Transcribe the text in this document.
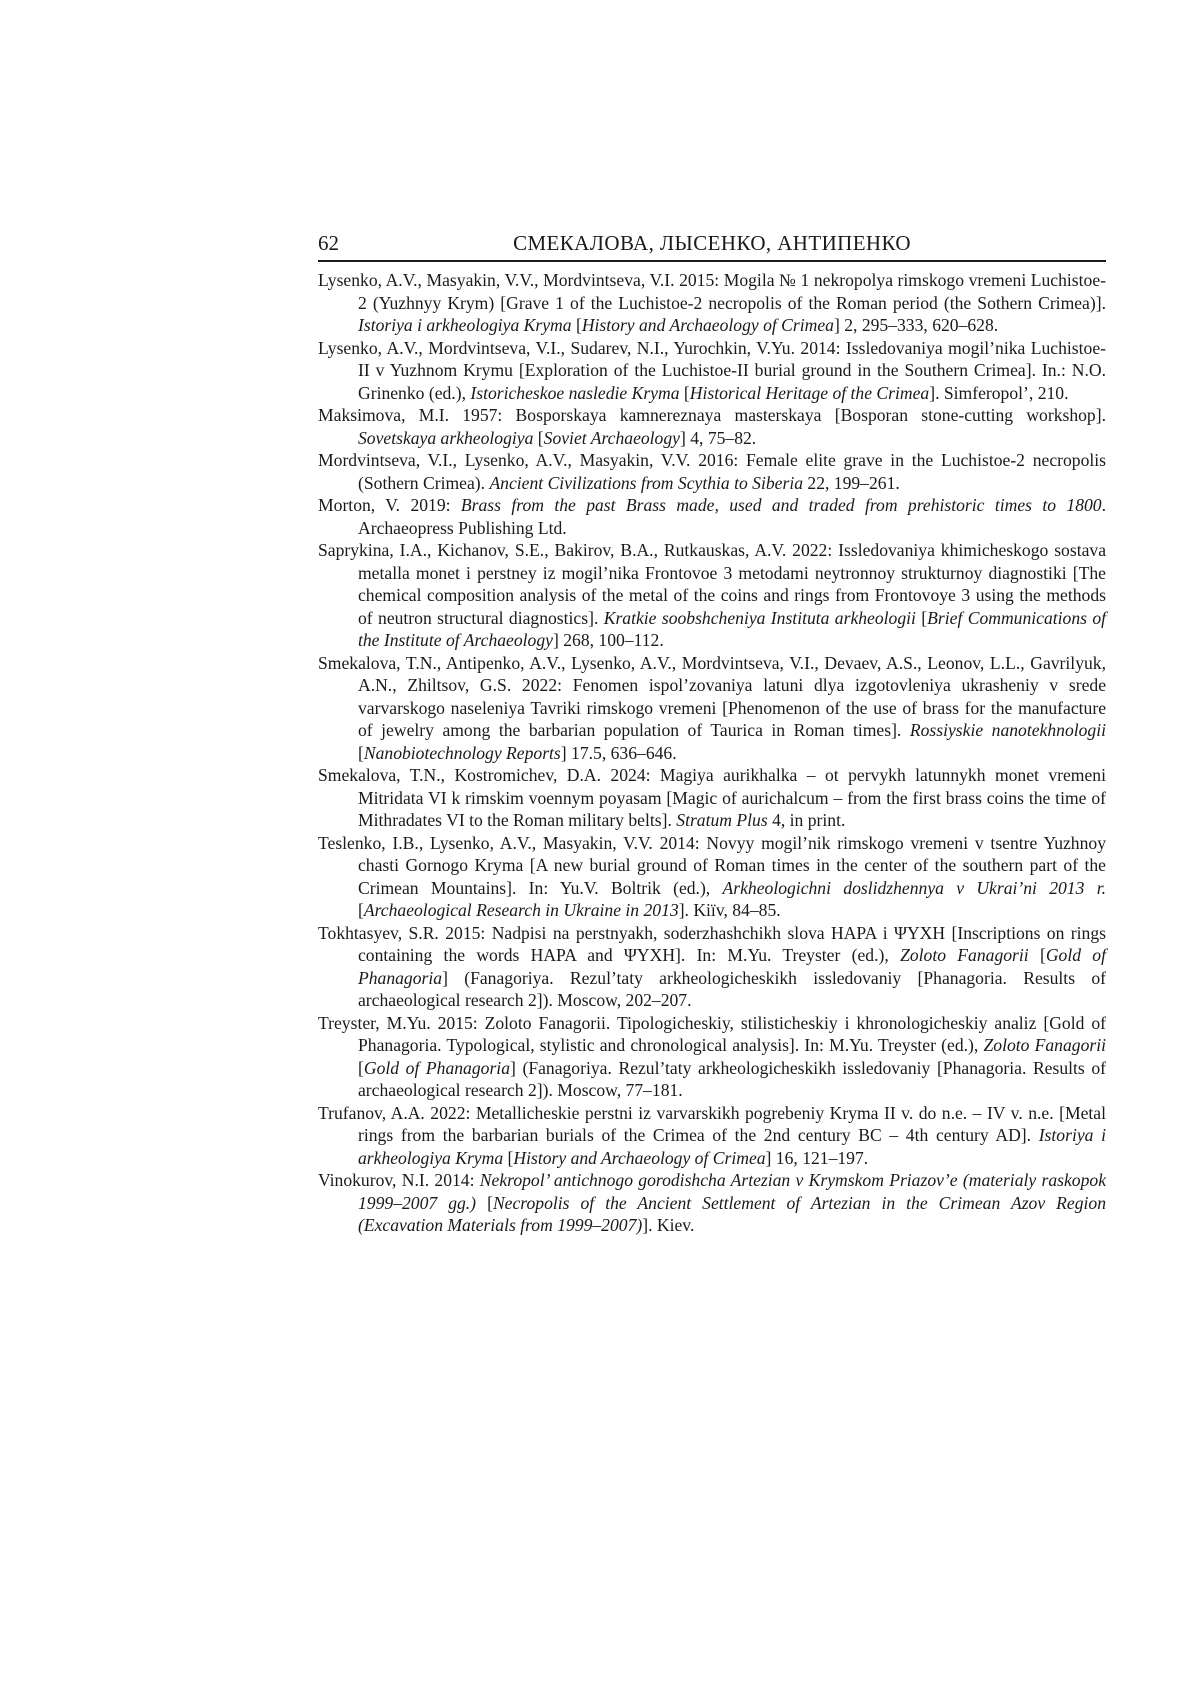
62	СМЕКАЛОВА, ЛЫСЕНКО, АНТИПЕНКО

Lysenko, A.V., Masyakin, V.V., Mordvintseva, V.I. 2015: Mogila № 1 nekropolya rimskogo vremeni Luchistoe-2 (Yuzhnyy Krym) [Grave 1 of the Luchistoe-2 necropolis of the Roman period (the Sothern Crimea)]. Istoriya i arkheologiya Kryma [History and Archaeology of Crimea] 2, 295–333, 620–628.

Lysenko, A.V., Mordvintseva, V.I., Sudarev, N.I., Yurochkin, V.Yu. 2014: Issledovaniya mogil’nika Luchistoe-II v Yuzhnom Krymu [Exploration of the Luchistoe-II burial ground in the Southern Crimea]. In.: N.O. Grinenko (ed.), Istoricheskoe nasledie Kryma [Historical Heritage of the Crimea]. Simferopol’, 210.

Maksimova, M.I. 1957: Bosporskaya kamnereznaya masterskaya [Bosporan stone-cutting workshop]. Sovetskaya arkheologiya [Soviet Archaeology] 4, 75–82.

Mordvintseva, V.I., Lysenko, A.V., Masyakin, V.V. 2016: Female elite grave in the Luchistoe-2 necropolis (Sothern Crimea). Ancient Civilizations from Scythia to Siberia 22, 199–261.

Morton, V. 2019: Brass from the past Brass made, used and traded from prehistoric times to 1800. Archaeopress Publishing Ltd.

Saprykina, I.A., Kichanov, S.E., Bakirov, B.A., Rutkauskas, A.V. 2022: Issledovaniya khimicheskogo sostava metalla monet i perstney iz mogil’nika Frontovoe 3 metodami neytronnoy strukturnoy diagnostiki [The chemical composition analysis of the metal of the coins and rings from Frontovoye 3 using the methods of neutron structural diagnostics]. Kratkie soobshcheniya Instituta arkheologii [Brief Communications of the Institute of Archaeology] 268, 100–112.

Smekalova, T.N., Antipenko, A.V., Lysenko, A.V., Mordvintseva, V.I., Devaev, A.S., Leonov, L.L., Gavrilyuk, A.N., Zhiltsov, G.S. 2022: Fenomen ispol’zovaniya latuni dlya izgotovleniya ukrasheniy v srede varvarskogo naseleniya Tavriki rimskogo vremeni [Phenomenon of the use of brass for the manufacture of jewelry among the barbarian population of Taurica in Roman times]. Rossiyskie nanotekhnologii [Nanobiotechnology Reports] 17.5, 636–646.

Smekalova, T.N., Kostromichev, D.A. 2024: Magiya aurikhalka – ot pervykh latunnykh monet vremeni Mitridata VI k rimskim voennym poyasam [Magic of aurichalcum – from the first brass coins the time of Mithradates VI to the Roman military belts]. Stratum Plus 4, in print.

Teslenko, I.B., Lysenko, A.V., Masyakin, V.V. 2014: Novyy mogil’nik rimskogo vremeni v tsentre Yuzhnoy chasti Gornogo Kryma [A new burial ground of Roman times in the center of the southern part of the Crimean Mountains]. In: Yu.V. Boltrik (ed.), Arkheologichni doslidzhennya v Ukrai’ni 2013 r. [Archaeological Research in Ukraine in 2013]. Kiïv, 84–85.

Tokhtasyev, S.R. 2015: Nadpisi na perstnyakh, soderzhashchikh slova HAPA i ΨΥΧΗ [Inscriptions on rings containing the words HAPA and ΨΥΧΗ]. In: M.Yu. Treyster (ed.), Zoloto Fanagorii [Gold of Phanagoria] (Fanagoriya. Rezul’taty arkheologicheskikh issledovaniy [Phanagoria. Results of archaeological research 2]). Moscow, 202–207.

Treyster, M.Yu. 2015: Zoloto Fanagorii. Tipologicheskiy, stilisticheskiy i khronologicheskiy analiz [Gold of Phanagoria. Typological, stylistic and chronological analysis]. In: M.Yu. Treyster (ed.), Zoloto Fanagorii [Gold of Phanagoria] (Fanagoriya. Rezul’taty arkheologicheskikh issledovaniy [Phanagoria. Results of archaeological research 2]). Moscow, 77–181.

Trufanov, A.A. 2022: Metallicheskie perstni iz varvarskikh pogrebeniy Kryma II v. do n.e. – IV v. n.e. [Metal rings from the barbarian burials of the Crimea of the 2nd century BC – 4th century AD]. Istoriya i arkheologiya Kryma [History and Archaeology of Crimea] 16, 121–197.

Vinokurov, N.I. 2014: Nekropol’ antichnogo gorodishcha Artezian v Krymskom Priazov’e (materialy raskopok 1999–2007 gg.) [Necropolis of the Ancient Settlement of Artezian in the Crimean Azov Region (Excavation Materials from 1999–2007)]. Kiev.
